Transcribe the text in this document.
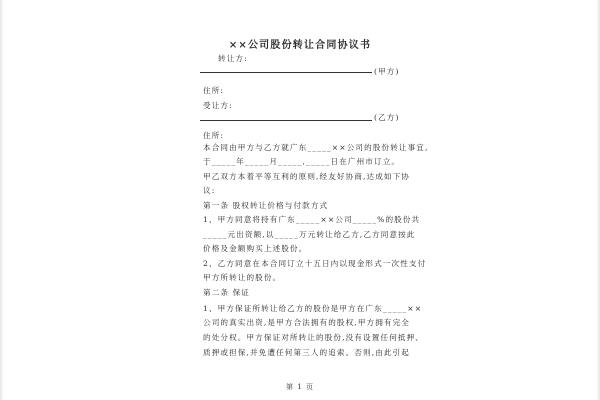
××公司股份转让合同协议书
转让方:
(甲方)
住所:
受让方:
(乙方)
住所:
本合同由甲方与乙方就广东_____××公司的股份转让事宜,
于_____年_____月_____,_____日在广州市订立。
甲乙双方本着平等互利的原则,经友好协商,达成如下协
议:
第一条 股权转让价格与付款方式
1、甲方同意将持有广东_____××公司_____%的股份共
_____元出资额,以_____万元转让给乙方,乙方同意按此
价格及金额购买上述股份。
2、乙方同意在本合同订立十五日内以现金形式一次性支付
甲方所转让的股份。
第二条 保证
1、甲方保证所转让给乙方的股份是甲方在广东_____××
公司的真实出资,是甲方合法拥有的股权,甲方拥有完全
的处分权。甲方保证对所转让的股份,没有设置任何抵押、
质押或担保,并免遭任何第三人的追索。否则,由此引起
第 1 页
